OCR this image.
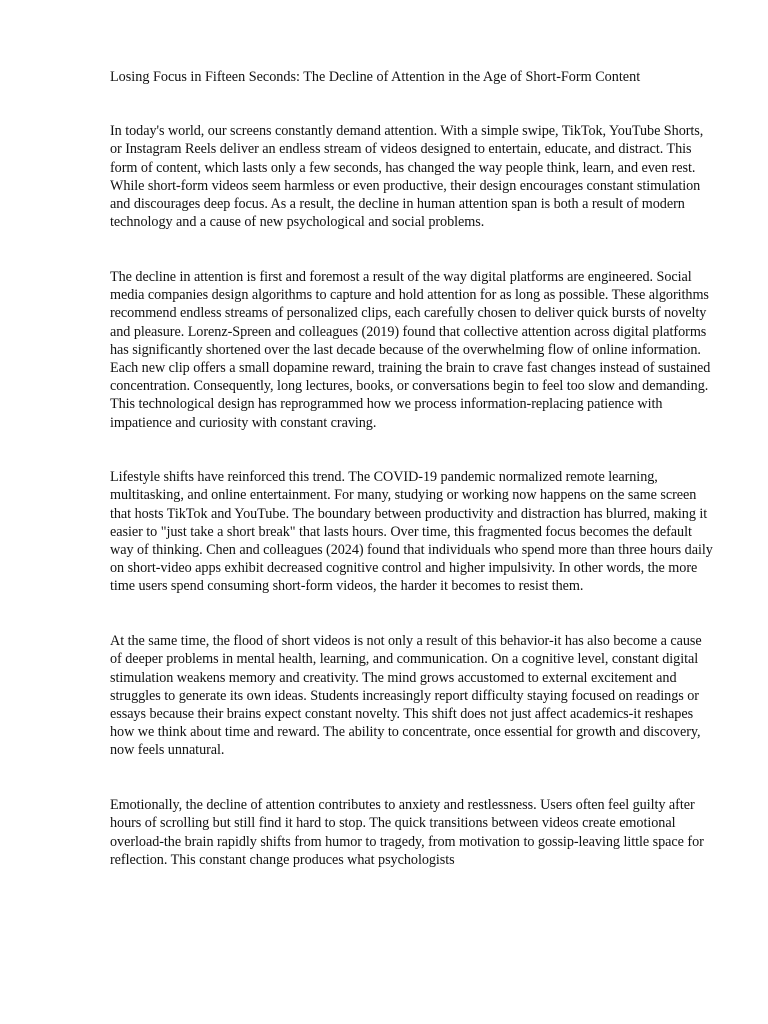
Losing Focus in Fifteen Seconds: The Decline of Attention in the Age of Short-Form Content

In today's world, our screens constantly demand attention. With a simple swipe, TikTok, YouTube Shorts, or Instagram Reels deliver an endless stream of videos designed to entertain, educate, and distract. This form of content, which lasts only a few seconds, has changed the way people think, learn, and even rest. While short-form videos seem harmless or even productive, their design encourages constant stimulation and discourages deep focus. As a result, the decline in human attention span is both a result of modern technology and a cause of new psychological and social problems.

The decline in attention is first and foremost a result of the way digital platforms are engineered. Social media companies design algorithms to capture and hold attention for as long as possible. These algorithms recommend endless streams of personalized clips, each carefully chosen to deliver quick bursts of novelty and pleasure. Lorenz-Spreen and colleagues (2019) found that collective attention across digital platforms has significantly shortened over the last decade because of the overwhelming flow of online information. Each new clip offers a small dopamine reward, training the brain to crave fast changes instead of sustained concentration. Consequently, long lectures, books, or conversations begin to feel too slow and demanding. This technological design has reprogrammed how we process information-replacing patience with impatience and curiosity with constant craving.

Lifestyle shifts have reinforced this trend. The COVID-19 pandemic normalized remote learning, multitasking, and online entertainment. For many, studying or working now happens on the same screen that hosts TikTok and YouTube. The boundary between productivity and distraction has blurred, making it easier to "just take a short break" that lasts hours. Over time, this fragmented focus becomes the default way of thinking. Chen and colleagues (2024) found that individuals who spend more than three hours daily on short-video apps exhibit decreased cognitive control and higher impulsivity. In other words, the more time users spend consuming short-form videos, the harder it becomes to resist them.

At the same time, the flood of short videos is not only a result of this behavior-it has also become a cause of deeper problems in mental health, learning, and communication. On a cognitive level, constant digital stimulation weakens memory and creativity. The mind grows accustomed to external excitement and struggles to generate its own ideas. Students increasingly report difficulty staying focused on readings or essays because their brains expect constant novelty. This shift does not just affect academics-it reshapes how we think about time and reward. The ability to concentrate, once essential for growth and discovery, now feels unnatural.

Emotionally, the decline of attention contributes to anxiety and restlessness. Users often feel guilty after hours of scrolling but still find it hard to stop. The quick transitions between videos create emotional overload-the brain rapidly shifts from humor to tragedy, from motivation to gossip-leaving little space for reflection. This constant change produces what psychologists
